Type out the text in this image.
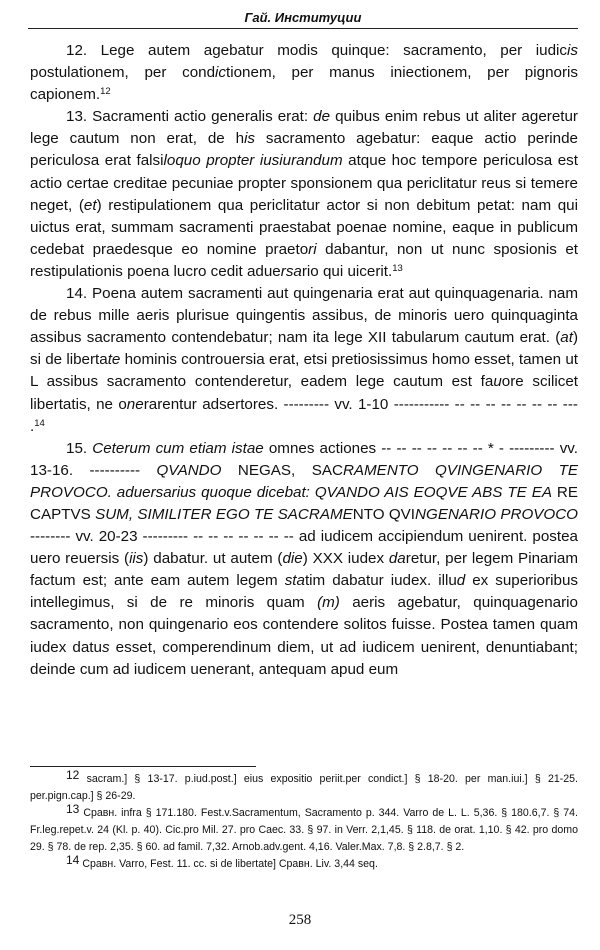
Гай. Институции

12. Lege autem agebatur modis quinque: sacramento, per iudicis postulationem, per condictionem, per manus iniectionem, per pignoris capionem.$^{12}$

13. Sacramenti actio generalis erat: de quibus enim rebus ut aliter ageretur lege cautum non erat, de his sacramento agebatur: eaque actio perinde periculosa erat falsiloquo propter iusiurandum atque hoc tempore periculosa est actio certae creditae pecuniae propter sponsionem qua periclitatur reus si temere neget, (et) restipulationem qua periclitatur actor si non debitum petat: nam qui uictus erat, summam sacramenti praestabat poenae nomine, eaque in publicum cedebat praedesque eo nomine praetori dabantur, non ut nunc sposionis et restipulationis poena lucro cedit aduersario qui uicerit.$^{13}$

14. Poena autem sacramenti aut quingenaria erat aut quinquagenaria. nam de rebus mille aeris plurisue quingentis assibus, de minoris uero quinquaginta assibus sacramento contendebatur; nam ita lege XII tabularum cautum erat. (at) si de libertate hominis controuersia erat, etsi pretiosissimus homo esset, tamen ut L assibus sacramento contenderetur, eadem lege cautum est fauore scilicet libertatis, ne onerarentur adsertores. --------- vv. 1-10 ----------- -- -- -- -- -- -- -- --- .$^{14}$

15. Ceterum cum etiam istae omnes actiones -- -- -- -- -- -- -- * - --------- vv. 13-16. ---------- QVANDO NEGAS, SACRAMENTO QVINGENARIO TE PROVOCO. aduersarius quoque dicebat: QVANDO AIS EOQVE ABS TE EA RE CAPTVS SUM, SIMILITER EGO TE SACRAMENTO QVINGENARIO PROVOCO -------- vv. 20-23 --------- -- -- -- -- -- -- -- ad iudicem accipiendum uenirent. postea uero reuersis (iis) dabatur. ut autem (die) XXX iudex daretur, per legem Pinariam factum est; ante eam autem legem statim dabatur iudex. illud ex superioribus intellegimus, si de re minoris quam (m) aeris agebatur, quinquagenario sacramento, non quingenario eos contendere solitos fuisse. Postea tamen quam iudex datus esset, comperendinum diem, ut ad iudicem uenirent, denuntiabant; deinde cum ad iudicem uenerant, antequam apud eum

$^{12}$ sacram.] § 13-17. p.iud.post.] eius expositio periit.per condict.] § 18-20. per man.iui.] § 21-25. per.pign.cap.] § 26-29.

$^{13}$ Сравн. infra § 171.180. Fest.v.Sacramentum, Sacramento p. 344. Varro de L. L. 5,36. § 180.6,7. § 74. Fr.leg.repet.v. 24 (Kl. p. 40). Cic.pro Mil. 27. pro Caec. 33. § 97. in Verr. 2,1,45. § 118. de orat. 1,10. § 42. pro domo 29. § 78. de rep. 2,35. § 60. ad famil. 7,32. Arnob.adv.gent. 4,16. Valer.Max. 7,8. § 2.8,7. § 2.

$^{14}$ Сравн. Varro, Fest. 11. cc. si de libertate] Сравн. Liv. 3,44 seq.

258
